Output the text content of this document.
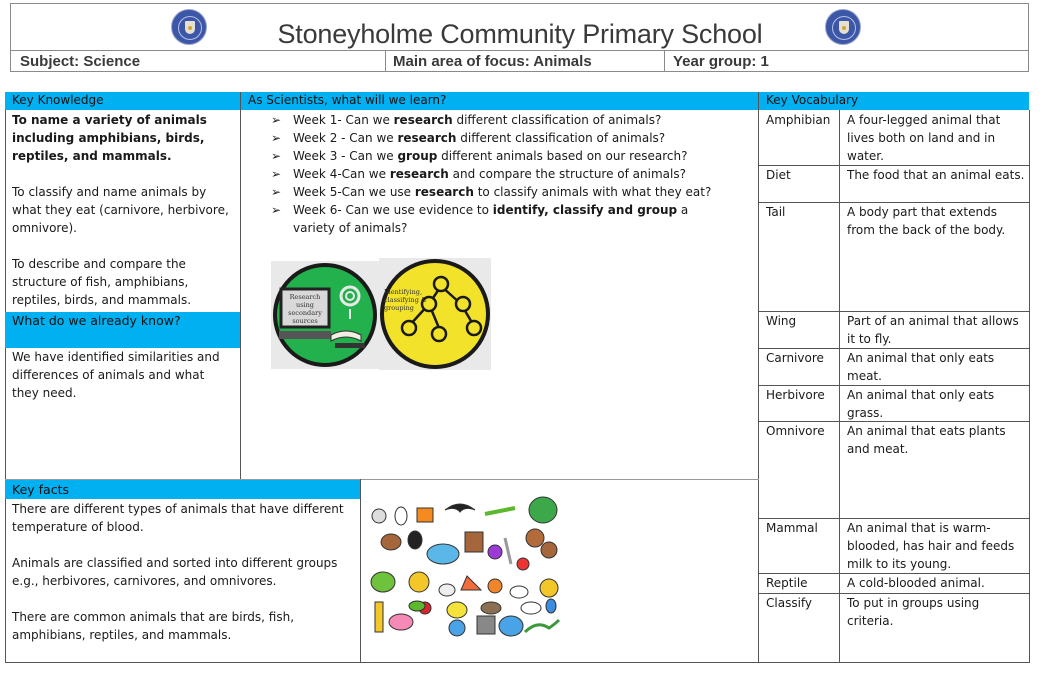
Stoneyholme Community Primary School
Subject: Science	Main area of focus: Animals	Year group: 1
Key Knowledge	As Scientists, what will we learn?	Key Vocabulary

To name a variety of animals including amphibians, birds, reptiles, and mammals.

To classify and name animals by what they eat (carnivore, herbivore, omnivore).

To describe and compare the structure of fish, amphibians, reptiles, birds, and mammals.

What do we already know?
We have identified similarities and differences of animals and what they need.
➢ Week 1- Can we research different classification of animals?
➢ Week 2 - Can we research different classification of animals?
➢ Week 3 - Can we group different animals based on our research?
➢ Week 4-Can we research and compare the structure of animals?
➢ Week 5-Can we use research to classify animals with what they eat?
➢ Week 6- Can we use evidence to identify, classify and group a variety of animals?
Research using secondary sources
Identifying, classifying & grouping
Key facts

There are different types of animals that have different temperature of blood.

Animals are classified and sorted into different groups e.g., herbivores, carnivores, and omnivores.

There are common animals that are birds, fish, amphibians, reptiles, and mammals.

Amphibian	A four-legged animal that lives both on land and in water.
Diet	The food that an animal eats.
Tail	A body part that extends from the back of the body.
Wing	Part of an animal that allows it to fly.
Carnivore	An animal that only eats meat.
Herbivore	An animal that only eats grass.
Omnivore	An animal that eats plants and meat.
Mammal	An animal that is warm-blooded, has hair and feeds milk to its young.
Reptile	A cold-blooded animal.
Classify	To put in groups using criteria.
